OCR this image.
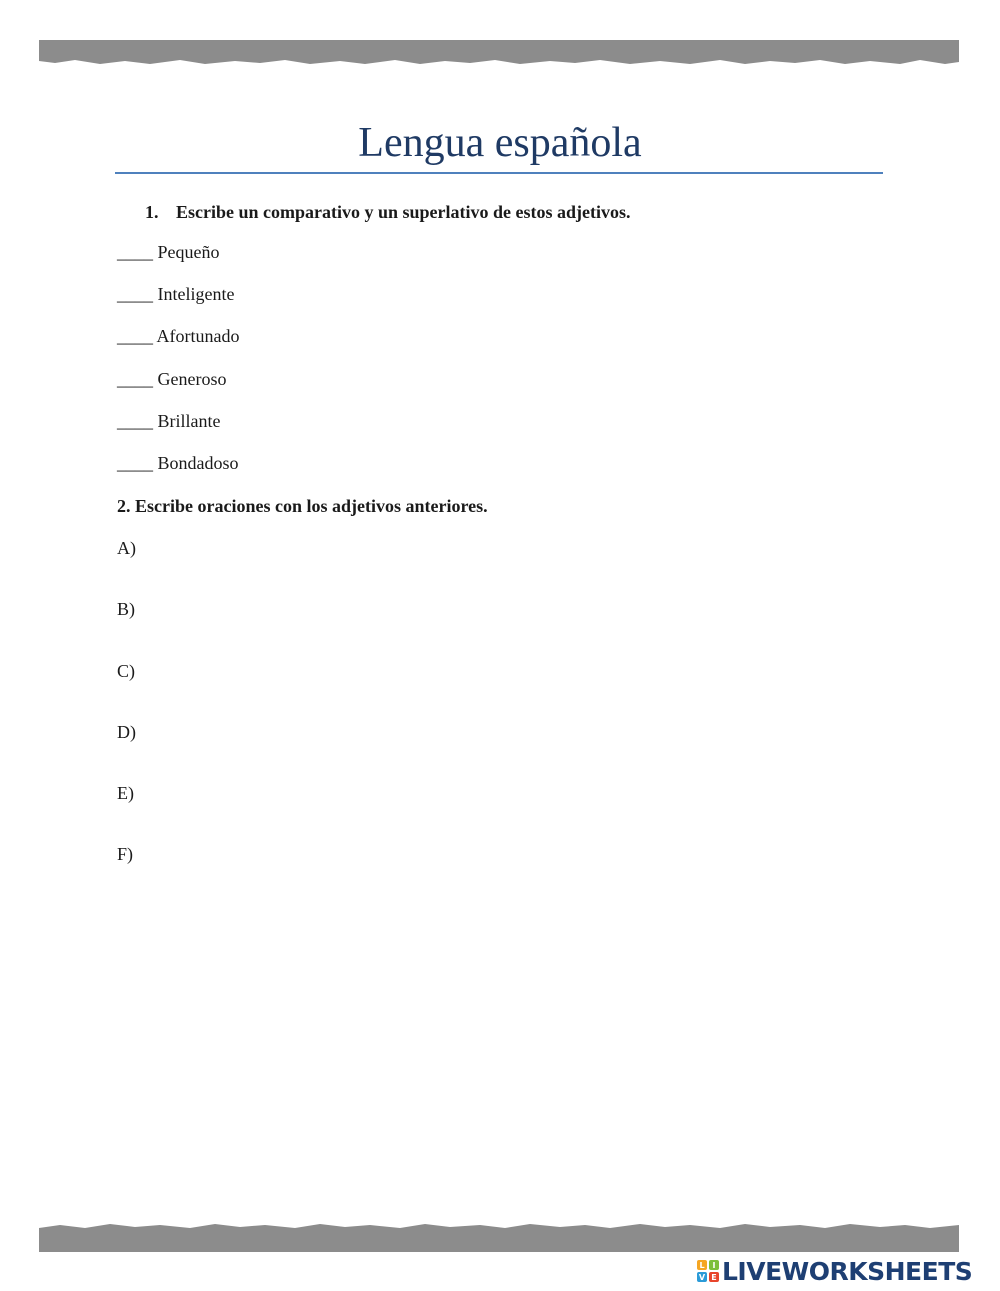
Lengua española
1. Escribe un comparativo y un superlativo de estos adjetivos.
____ Pequeño
____ Inteligente
____ Afortunado
____ Generoso
____ Brillante
____ Bondadoso
2. Escribe oraciones con los adjetivos anteriores.
A)
B)
C)
D)
E)
F)
L I
V E LIVEWORKSHEETS
